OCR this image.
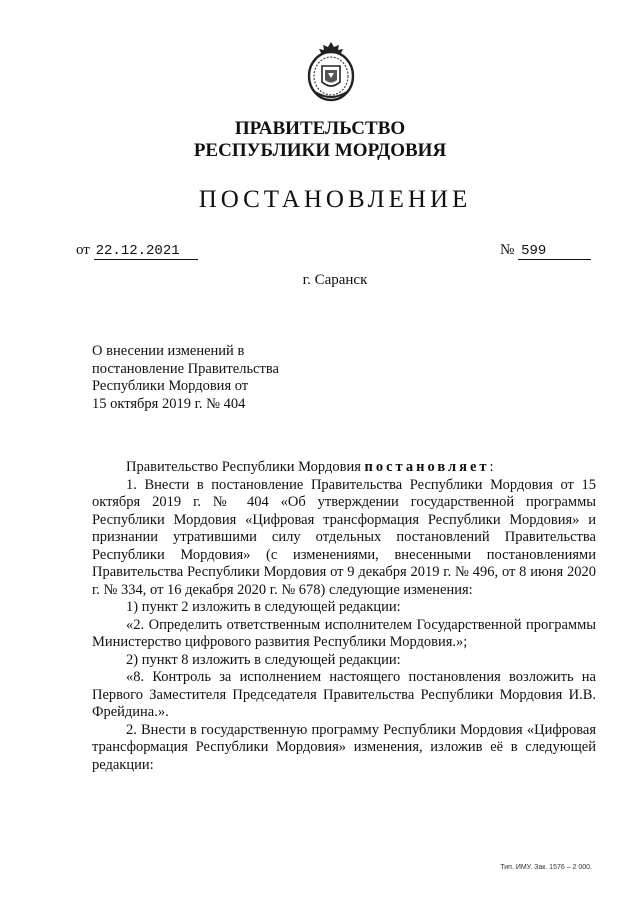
ПРАВИТЕЛЬСТВО
РЕСПУБЛИКИ МОРДОВИЯ
ПОСТАНОВЛЕНИЕ
от 22.12.2021	№ 599
г. Саранск
О внесении изменений в
постановление Правительства
Республики Мордовия от
15 октября 2019 г. № 404
Правительство Республики Мордовия постановляет:
1. Внести в постановление Правительства Республики Мордовия от 15 октября 2019 г. № 404 «Об утверждении государственной программы Республики Мордовия «Цифровая трансформация Республики Мордовия» и признании утратившими силу отдельных постановлений Правительства Республики Мордовия» (с изменениями, внесенными постановлениями Правительства Республики Мордовия от 9 декабря 2019 г. № 496, от 8 июня 2020 г. № 334, от 16 декабря 2020 г. № 678) следующие изменения:
1) пункт 2 изложить в следующей редакции:
«2. Определить ответственным исполнителем Государственной программы Министерство цифрового развития Республики Мордовия.»;
2) пункт 8 изложить в следующей редакции:
«8. Контроль за исполнением настоящего постановления возложить на Первого Заместителя Председателя Правительства Республики Мордовия И.В. Фрейдина.».
2. Внести в государственную программу Республики Мордовия «Цифровая трансформация Республики Мордовия» изменения, изложив её в следующей редакции:
Тип. ИМУ. Зак. 1576 – 2 000.
